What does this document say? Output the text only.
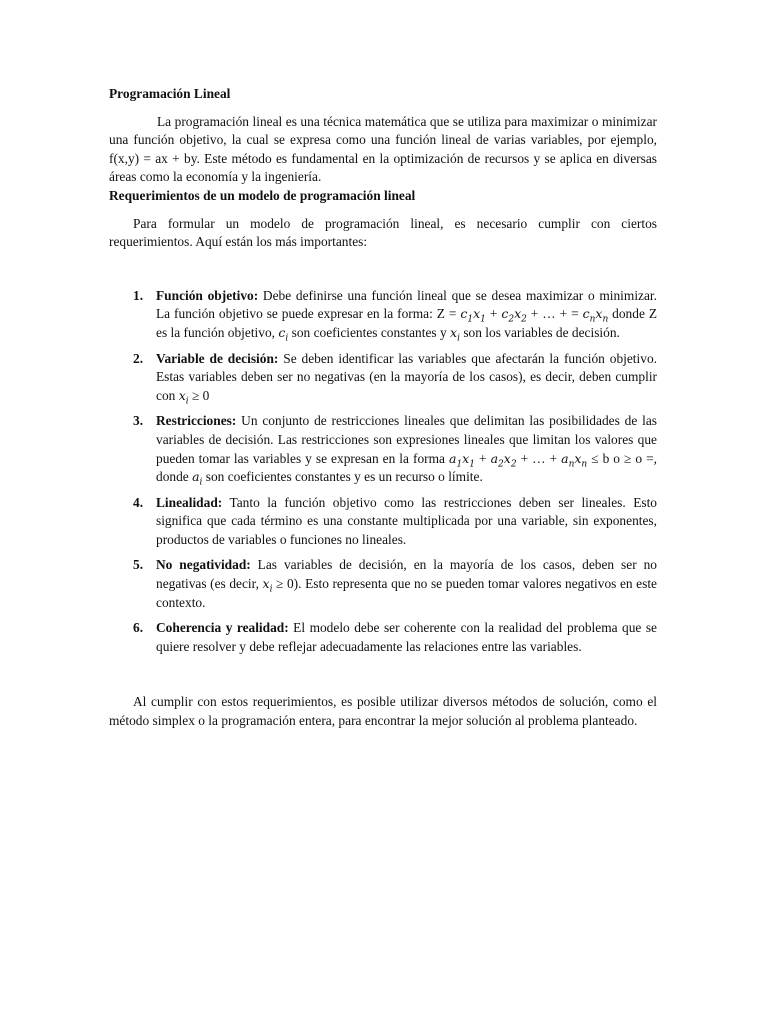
Programación Lineal

La programación lineal es una técnica matemática que se utiliza para maximizar o minimizar una función objetivo, la cual se expresa como una función lineal de varias variables, por ejemplo, f(x,y) = ax + by. Este método es fundamental en la optimización de recursos y se aplica en diversas áreas como la economía y la ingeniería.

Requerimientos de un modelo de programación lineal

Para formular un modelo de programación lineal, es necesario cumplir con ciertos requerimientos. Aquí están los más importantes:

1. Función objetivo: Debe definirse una función lineal que se desea maximizar o minimizar. La función objetivo se puede expresar en la forma: $Z = c_1x_1 + c_2x_2$ + … + = $c_nx_n$ donde Z es la función objetivo, $c_i$ son coeficientes constantes y $x_i$ son los variables de decisión.
2. Variable de decisión: Se deben identificar las variables que afectarán la función objetivo. Estas variables deben ser no negativas (en la mayoría de los casos), es decir, deben cumplir con $x_i \ge 0$
3. Restricciones: Un conjunto de restricciones lineales que delimitan las posibilidades de las variables de decisión. Las restricciones son expresiones lineales que limitan los valores que pueden tomar las variables y se expresan en la forma $a_1x_1 + a_2x_2$ + … + $a_nx_n \le b$ o ≥ o =, donde $a_i$ son coeficientes constantes y es un recurso o límite.
4. Linealidad: Tanto la función objetivo como las restricciones deben ser lineales. Esto significa que cada término es una constante multiplicada por una variable, sin exponentes, productos de variables o funciones no lineales.
5. No negatividad: Las variables de decisión, en la mayoría de los casos, deben ser no negativas (es decir, $x_i \ge 0$). Esto representa que no se pueden tomar valores negativos en este contexto.
6. Coherencia y realidad: El modelo debe ser coherente con la realidad del problema que se quiere resolver y debe reflejar adecuadamente las relaciones entre las variables.

Al cumplir con estos requerimientos, es posible utilizar diversos métodos de solución, como el método simplex o la programación entera, para encontrar la mejor solución al problema planteado.
